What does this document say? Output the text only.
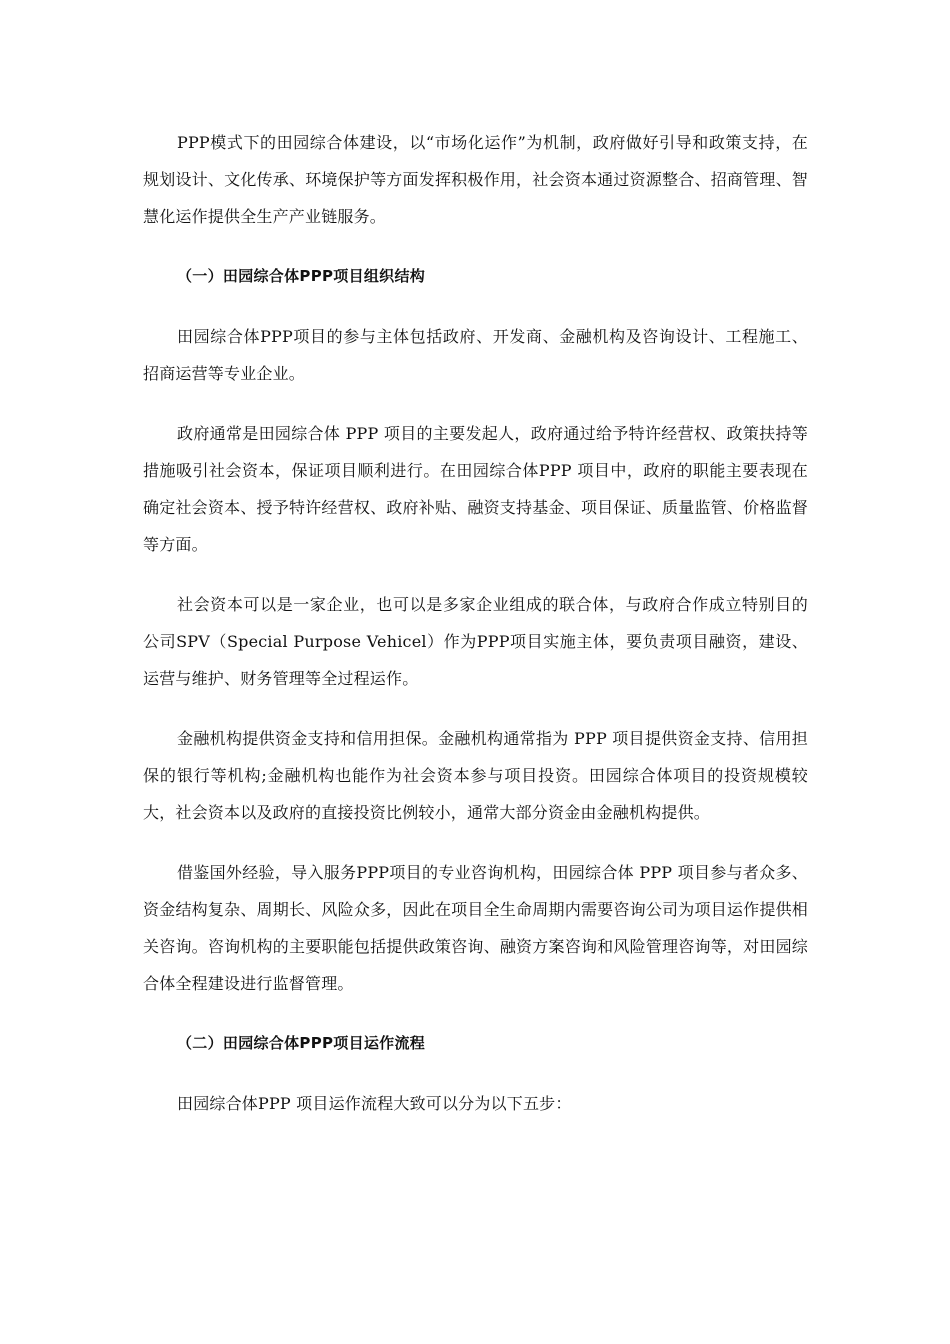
PPP模式下的田园综合体建设，以“市场化运作”为机制，政府做好引导和政策支持，在规划设计、文化传承、环境保护等方面发挥积极作用，社会资本通过资源整合、招商管理、智慧化运作提供全生产产业链服务。

（一）田园综合体PPP项目组织结构

田园综合体PPP项目的参与主体包括政府、开发商、金融机构及咨询设计、工程施工、招商运营等专业企业。

政府通常是田园综合体 PPP 项目的主要发起人，政府通过给予特许经营权、政策扶持等措施吸引社会资本，保证项目顺利进行。在田园综合体PPP 项目中，政府的职能主要表现在确定社会资本、授予特许经营权、政府补贴、融资支持基金、项目保证、质量监管、价格监督等方面。

社会资本可以是一家企业，也可以是多家企业组成的联合体，与政府合作成立特别目的公司SPV（Special Purpose Vehicel）作为PPP项目实施主体，要负责项目融资，建设、运营与维护、财务管理等全过程运作。

金融机构提供资金支持和信用担保。金融机构通常指为 PPP 项目提供资金支持、信用担保的银行等机构;金融机构也能作为社会资本参与项目投资。田园综合体项目的投资规模较大，社会资本以及政府的直接投资比例较小，通常大部分资金由金融机构提供。

借鉴国外经验，导入服务PPP项目的专业咨询机构，田园综合体 PPP 项目参与者众多、资金结构复杂、周期长、风险众多，因此在项目全生命周期内需要咨询公司为项目运作提供相关咨询。咨询机构的主要职能包括提供政策咨询、融资方案咨询和风险管理咨询等，对田园综合体全程建设进行监督管理。

（二）田园综合体PPP项目运作流程

田园综合体PPP 项目运作流程大致可以分为以下五步：
